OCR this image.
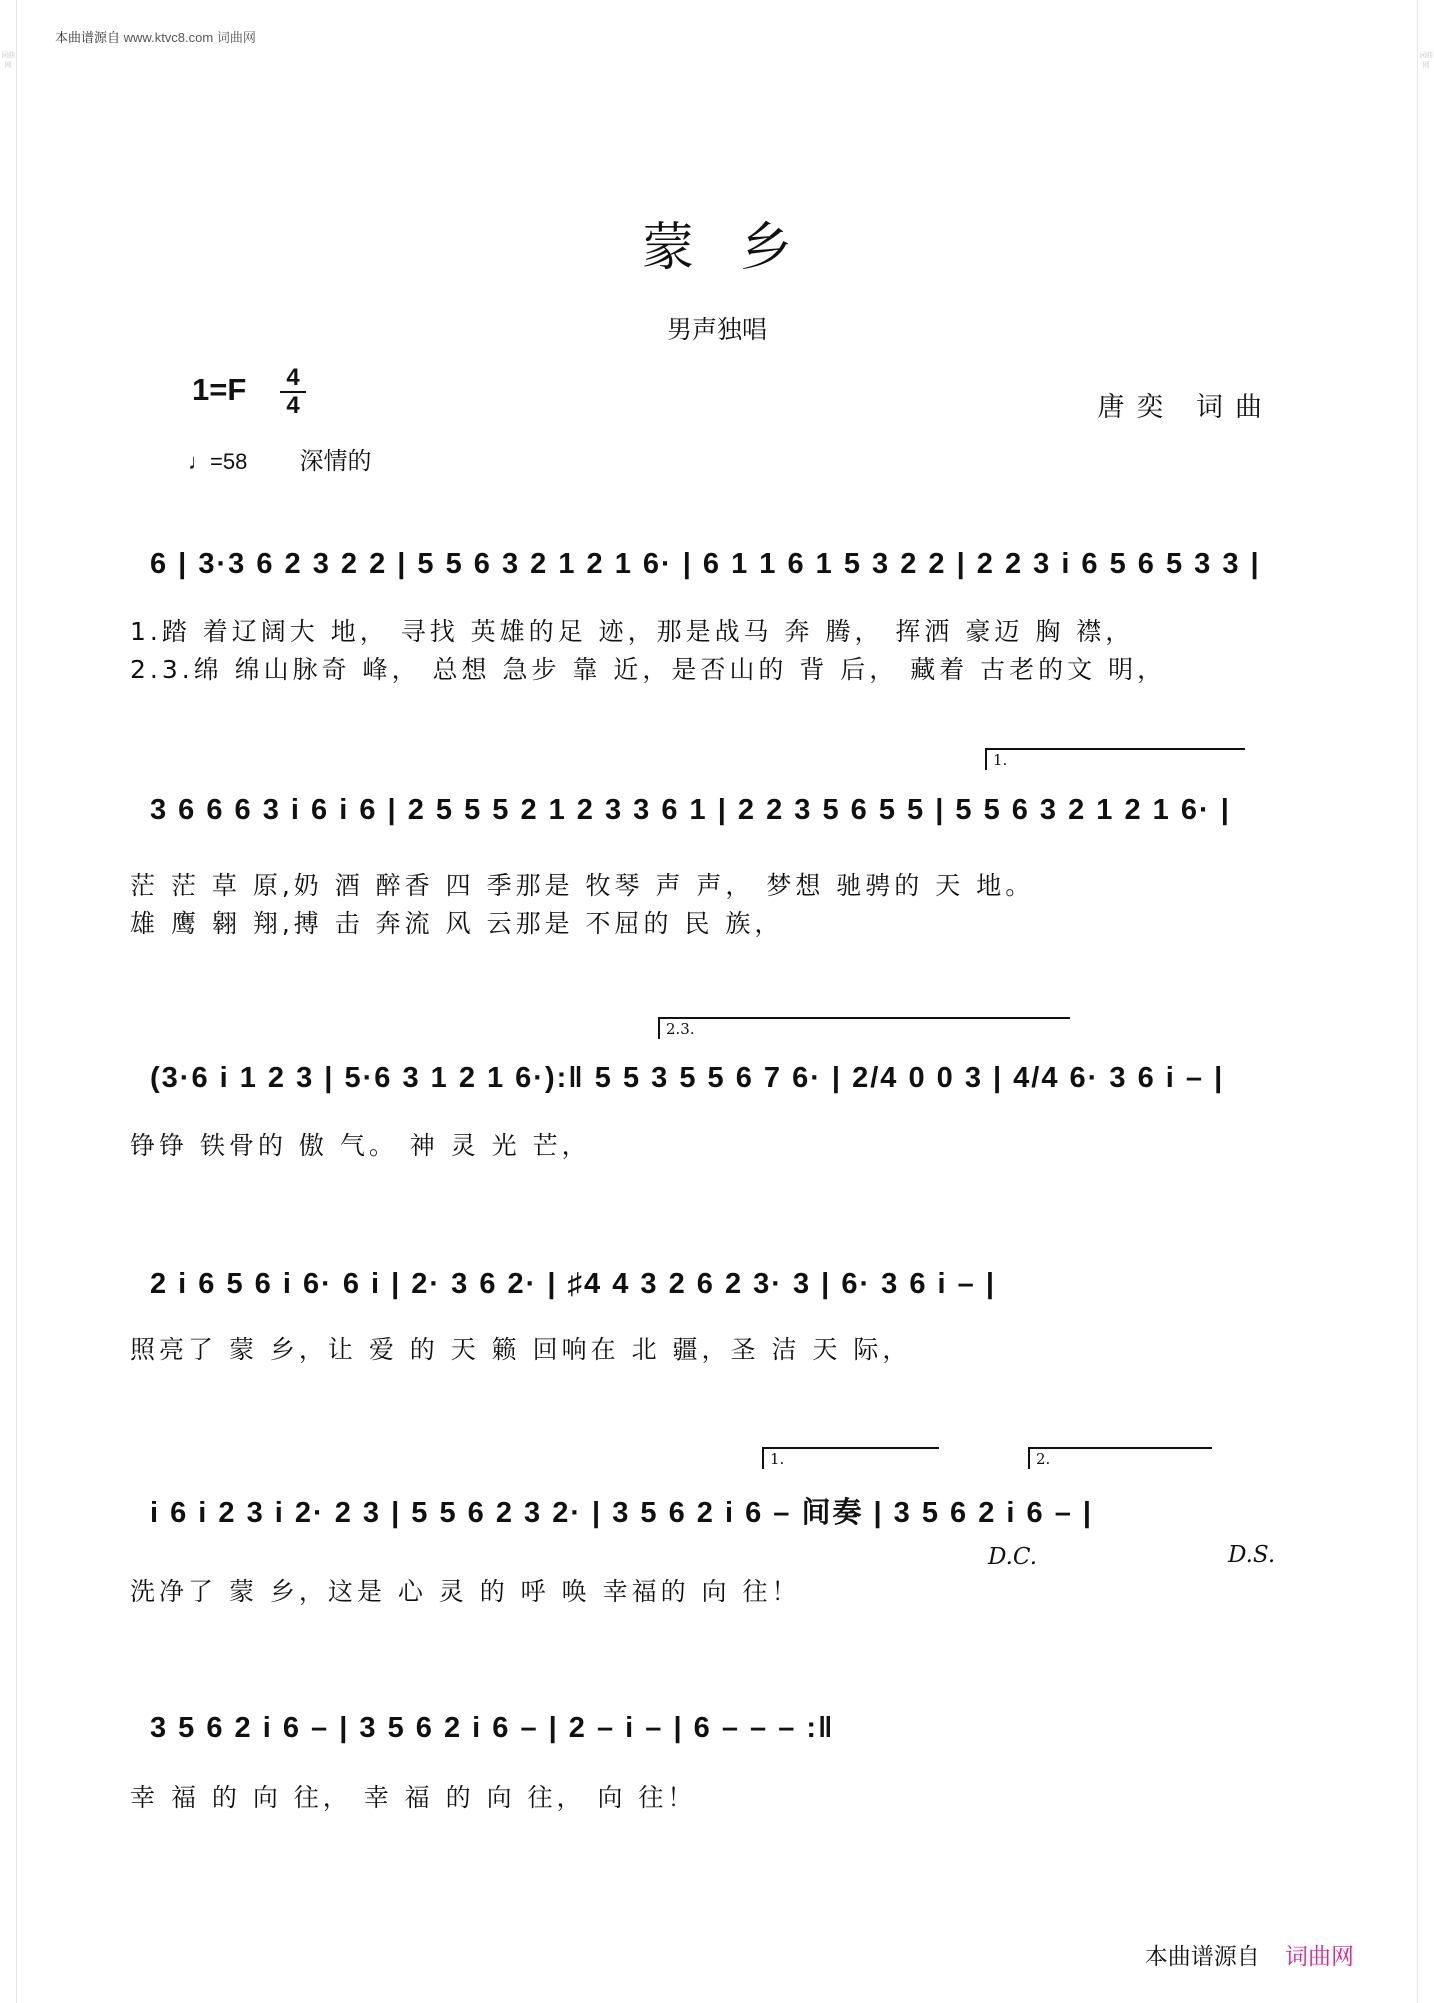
词曲网
词曲网
本曲谱源自 www.ktvc8.com 词曲网
蒙乡
男声独唱
1=F 4
4	唐奕 词曲
♩=58 深情的
6 | 3·3 6 2 3 2 2 | 5 5 6 3 2 1 2 1 6· | 6 1 1 6 1 5 3 2 2 | 2 2 3 i 6 5 6 5 3 3 |
1.踏 着辽阔大 地， 寻找 英雄的足 迹，那是战马 奔 腾， 挥洒 豪迈 胸 襟，
2.3.绵 绵山脉奇 峰， 总想 急步 靠 近，是否山的 背 后， 藏着 古老的文 明，
1.
3 6 6 6 3 i 6 i 6 | 2 5 5 5 2 1 2 3 3 6 1 | 2 2 3 5 6 5 5 | 5 5 6 3 2 1 2 1 6· |
茫 茫 草 原,奶 酒 醉香 四 季那是 牧琴 声 声， 梦想 驰骋的 天 地。
雄 鹰 翱 翔,搏 击 奔流 风 云那是 不屈的 民 族，
2.3.
(3·6 i 1 2 3 | 5·6 3 1 2 1 6·):‖ 5 5 3 5 5 6 7 6· | 2/4 0 0 3 | 4/4 6· 3 6 i – |
铮铮 铁骨的 傲 气。 神 灵 光 芒，
2 i 6 5 6 i 6· 6 i | 2· 3 6 2· | ♯4 4 3 2 6 2 3· 3 | 6· 3 6 i – |
照亮了 蒙 乡，让 爱 的 天 籁 回响在 北 疆，圣 洁 天 际，
1.	2.
i 6 i 2 3 i 2· 2 3 | 5 5 6 2 3 2· | 3 5 6 2 i 6 – 间奏 | 3 5 6 2 i 6 – |
D.C.	D.S.
洗净了 蒙 乡，这是 心 灵 的 呼 唤 幸福的 向 往！
3 5 6 2 i 6 – | 3 5 6 2 i 6 – | 2 – i – | 6 – – – :‖
幸 福 的 向 往， 幸 福 的 向 往， 向 往！
本曲谱源自 词曲网
